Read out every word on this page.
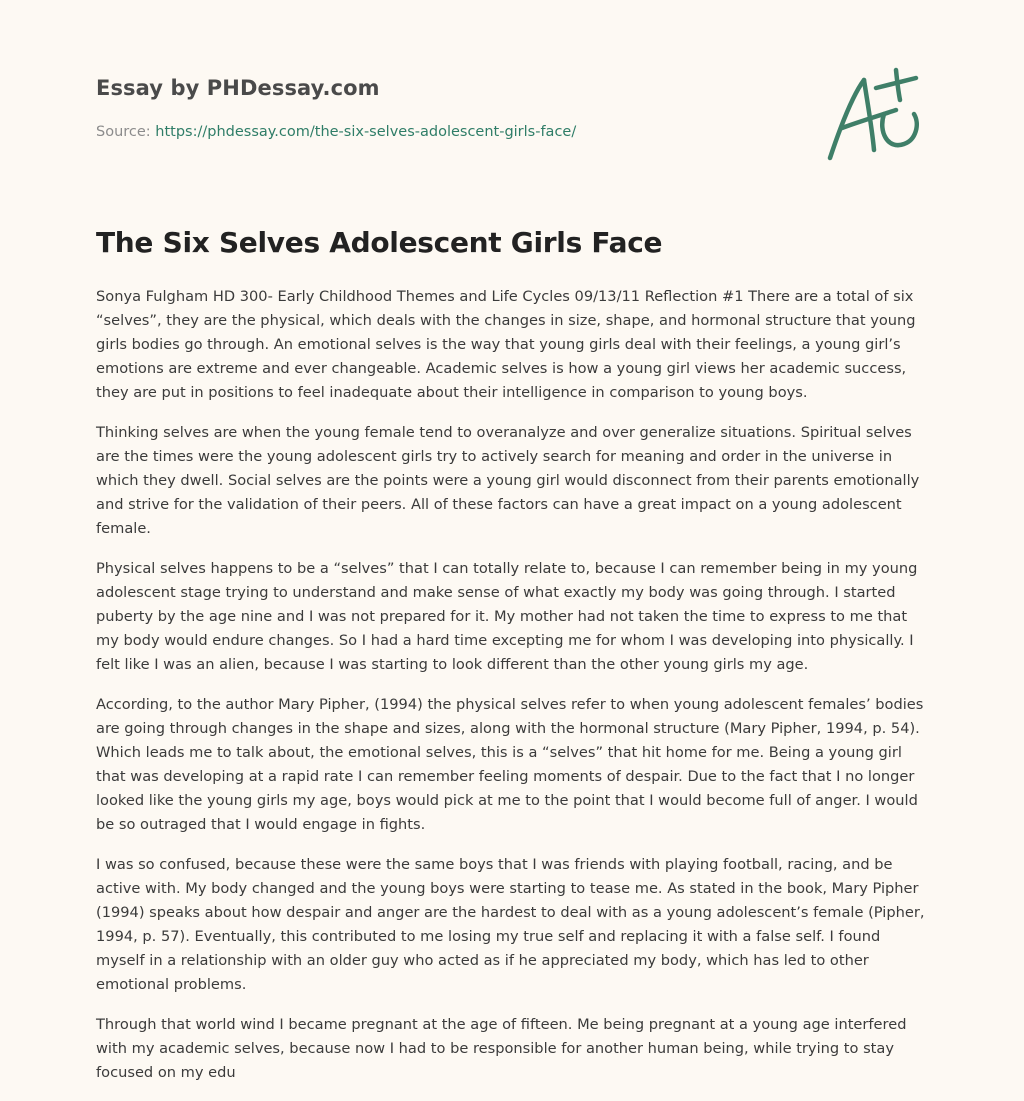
Essay by PHDessay.com
Source: https://phdessay.com/the-six-selves-adolescent-girls-face/
The Six Selves Adolescent Girls Face

Sonya Fulgham HD 300- Early Childhood Themes and Life Cycles 09/13/11 Reflection #1 There are a total of six “selves”, they are the physical, which deals with the changes in size, shape, and hormonal structure that young girls bodies go through. An emotional selves is the way that young girls deal with their feelings, a young girl’s emotions are extreme and ever changeable. Academic selves is how a young girl views her academic success, they are put in positions to feel inadequate about their intelligence in comparison to young boys.

Thinking selves are when the young female tend to overanalyze and over generalize situations. Spiritual selves are the times were the young adolescent girls try to actively search for meaning and order in the universe in which they dwell. Social selves are the points were a young girl would disconnect from their parents emotionally and strive for the validation of their peers. All of these factors can have a great impact on a young adolescent female.

Physical selves happens to be a “selves” that I can totally relate to, because I can remember being in my young adolescent stage trying to understand and make sense of what exactly my body was going through. I started puberty by the age nine and I was not prepared for it. My mother had not taken the time to express to me that my body would endure changes. So I had a hard time excepting me for whom I was developing into physically. I felt like I was an alien, because I was starting to look different than the other young girls my age.

According, to the author Mary Pipher, (1994) the physical selves refer to when young adolescent females’ bodies are going through changes in the shape and sizes, along with the hormonal structure (Mary Pipher, 1994, p. 54). Which leads me to talk about, the emotional selves, this is a “selves” that hit home for me. Being a young girl that was developing at a rapid rate I can remember feeling moments of despair. Due to the fact that I no longer looked like the young girls my age, boys would pick at me to the point that I would become full of anger. I would be so outraged that I would engage in fights.

I was so confused, because these were the same boys that I was friends with playing football, racing, and be active with. My body changed and the young boys were starting to tease me. As stated in the book, Mary Pipher (1994) speaks about how despair and anger are the hardest to deal with as a young adolescent’s female (Pipher, 1994, p. 57). Eventually, this contributed to me losing my true self and replacing it with a false self. I found myself in a relationship with an older guy who acted as if he appreciated my body, which has led to other emotional problems.

Through that world wind I became pregnant at the age of fifteen. Me being pregnant at a young age interfered with my academic selves, because now I had to be responsible for another human being, while trying to stay focused on my edu
